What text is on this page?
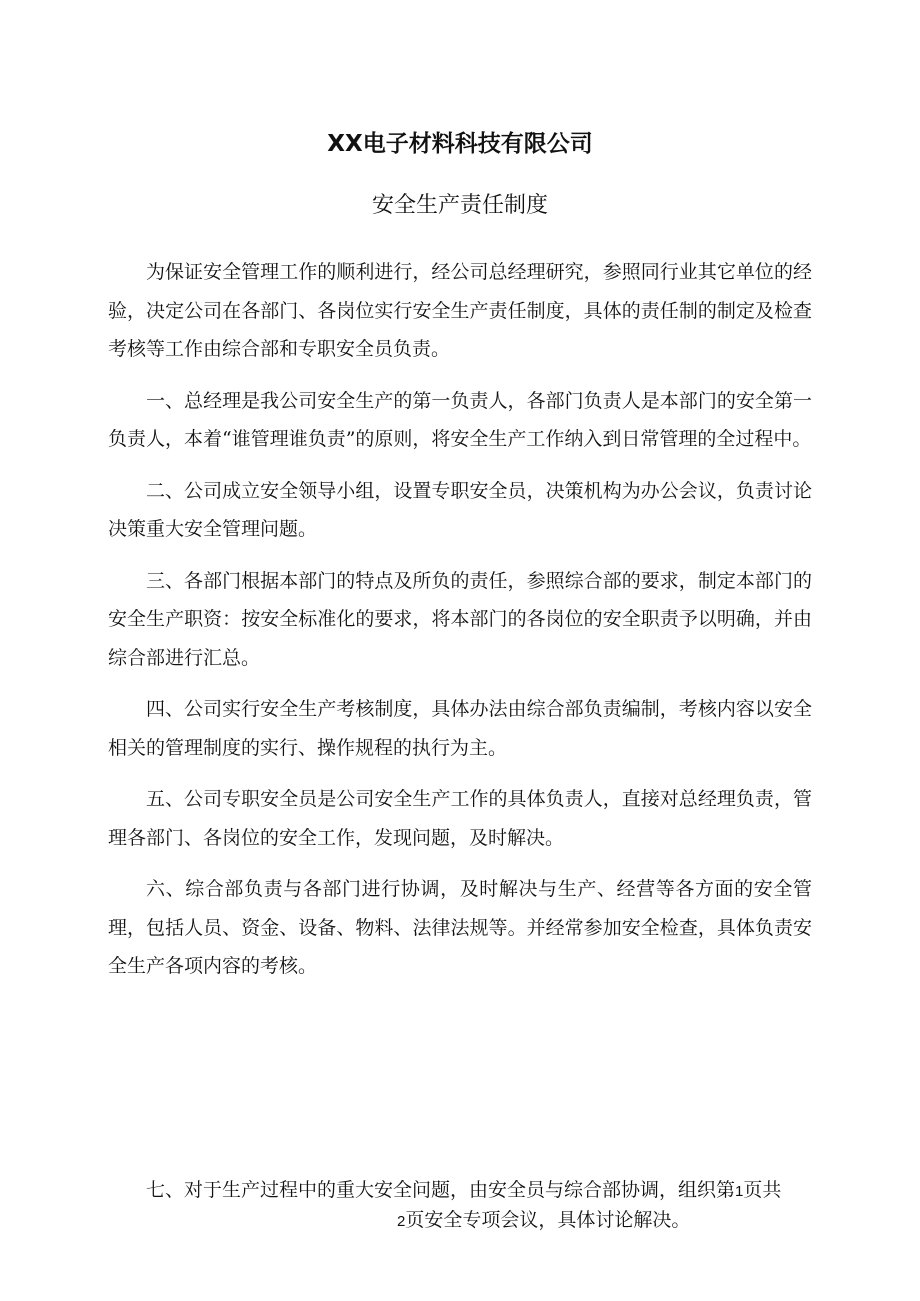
XX电子材料科技有限公司
安全生产责任制度

为保证安全管理工作的顺利进行，经公司总经理研究，参照同行业其它单位的经验，决定公司在各部门、各岗位实行安全生产责任制度，具体的责任制的制定及检查考核等工作由综合部和专职安全员负责。

一、总经理是我公司安全生产的第一负责人，各部门负责人是本部门的安全第一负责人，本着“谁管理谁负责”的原则，将安全生产工作纳入到日常管理的全过程中。

二、公司成立安全领导小组，设置专职安全员，决策机构为办公会议，负责讨论决策重大安全管理问题。

三、各部门根据本部门的特点及所负的责任，参照综合部的要求，制定本部门的安全生产职资：按安全标准化的要求，将本部门的各岗位的安全职责予以明确，并由综合部进行汇总。

四、公司实行安全生产考核制度，具体办法由综合部负责编制，考核内容以安全相关的管理制度的实行、操作规程的执行为主。

五、公司专职安全员是公司安全生产工作的具体负责人，直接对总经理负责，管理各部门、各岗位的安全工作，发现问题，及时解决。

六、综合部负责与各部门进行协调，及时解决与生产、经营等各方面的安全管理，包括人员、资金、设备、物料、法律法规等。并经常参加安全检查，具体负责安全生产各项内容的考核。

七、对于生产过程中的重大安全问题，由安全员与综合部协调，组织第1页共
2页安全专项会议，具体讨论解决。
